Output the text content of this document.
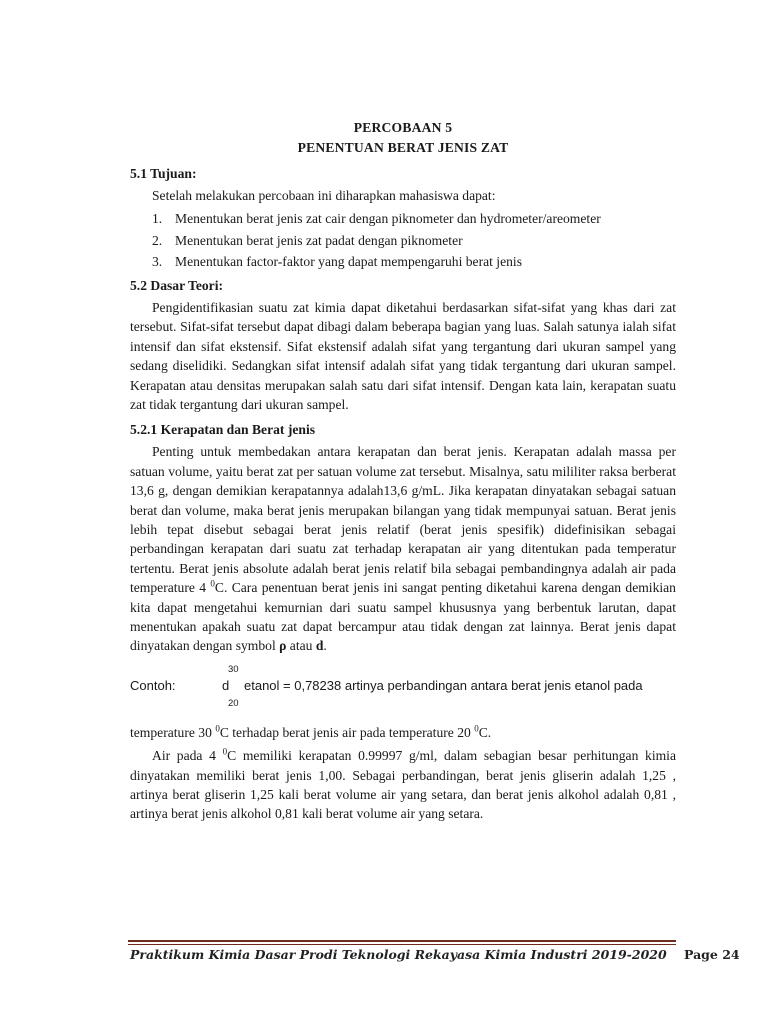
PERCOBAAN 5
PENENTUAN BERAT JENIS ZAT
5.1 Tujuan:

Setelah melakukan percobaan ini diharapkan mahasiswa dapat:

1. Menentukan berat jenis zat cair dengan piknometer dan hydrometer/areometer
2. Menentukan berat jenis zat padat dengan piknometer
3. Menentukan factor-faktor yang dapat mempengaruhi berat jenis
5.2 Dasar Teori:

Pengidentifikasian suatu zat kimia dapat diketahui berdasarkan sifat-sifat yang khas dari zat tersebut. Sifat-sifat tersebut dapat dibagi dalam beberapa bagian yang luas. Salah satunya ialah sifat intensif dan sifat ekstensif. Sifat ekstensif adalah sifat yang tergantung dari ukuran sampel yang sedang diselidiki. Sedangkan sifat intensif adalah sifat yang tidak tergantung dari ukuran sampel. Kerapatan atau densitas merupakan salah satu dari sifat intensif. Dengan kata lain, kerapatan suatu zat tidak tergantung dari ukuran sampel.

5.2.1 Kerapatan dan Berat jenis

Penting untuk membedakan antara kerapatan dan berat jenis. Kerapatan adalah massa per satuan volume, yaitu berat zat per satuan volume zat tersebut. Misalnya, satu mililiter raksa berberat 13,6 g, dengan demikian kerapatannya adalah13,6 g/mL. Jika kerapatan dinyatakan sebagai satuan berat dan volume, maka berat jenis merupakan bilangan yang tidak mempunyai satuan. Berat jenis lebih tepat disebut sebagai berat jenis relatif (berat jenis spesifik) didefinisikan sebagai perbandingan kerapatan dari suatu zat terhadap kerapatan air yang ditentukan pada temperatur tertentu. Berat jenis absolute adalah berat jenis relatif bila sebagai pembandingnya adalah air pada temperature 4 $^0$C. Cara penentuan berat jenis ini sangat penting diketahui karena dengan demikian kita dapat mengetahui kemurnian dari suatu sampel khususnya yang berbentuk larutan, dapat menentukan apakah suatu zat dapat bercampur atau tidak dengan zat lainnya. Berat jenis dapat dinyatakan dengan symbol ρ atau d.

Contoh:
30
d
20
etanol = 0,78238 artinya perbandingan antara berat jenis etanol pada

temperature 30 $^0$C terhadap berat jenis air pada temperature 20 $^0$C.

Air pada 4 $^0$C memiliki kerapatan 0.99997 g/ml, dalam sebagian besar perhitungan kimia dinyatakan memiliki berat jenis 1,00. Sebagai perbandingan, berat jenis gliserin adalah 1,25 , artinya berat gliserin 1,25 kali berat volume air yang setara, dan berat jenis alkohol adalah 0,81 , artinya berat jenis alkohol 0,81 kali berat volume air yang setara.

Praktikum Kimia Dasar Prodi Teknologi Rekayasa Kimia Industri 2019-2020 Page 24
